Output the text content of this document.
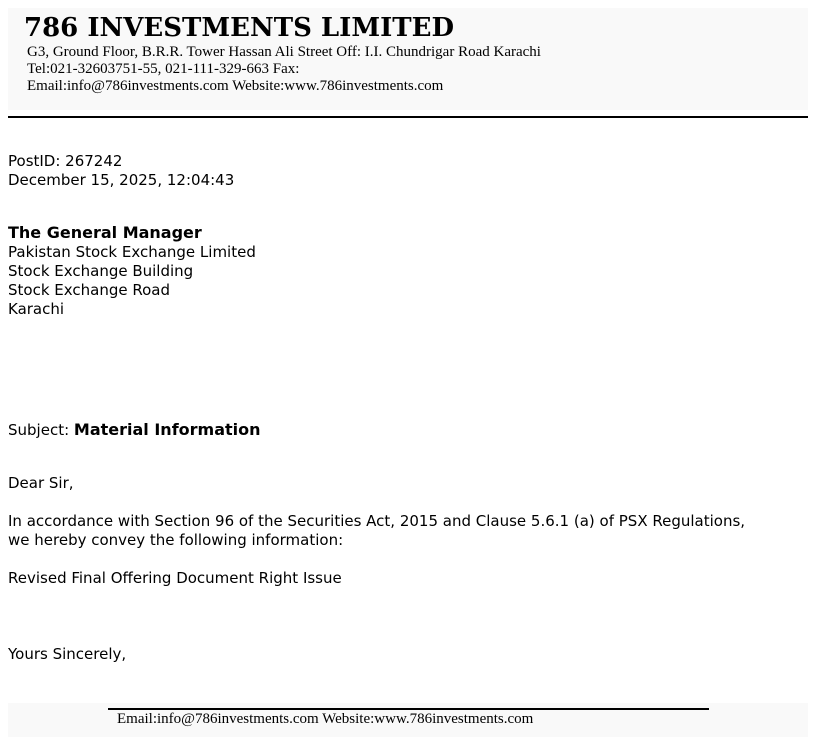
786 INVESTMENTS LIMITED

G3, Ground Floor, B.R.R. Tower Hassan Ali Street Off: I.I. Chundrigar Road Karachi

Tel:021-32603751-55, 021-111-329-663 Fax:

Email:info@786investments.com Website:www.786investments.com

PostID: 267242

December 15, 2025, 12:04:43

The General Manager

Pakistan Stock Exchange Limited

Stock Exchange Building

Stock Exchange Road

Karachi

Subject: Material Information

Dear Sir,

In accordance with Section 96 of the Securities Act, 2015 and Clause 5.6.1 (a) of PSX Regulations,

we hereby convey the following information:

Revised Final Offering Document Right Issue

Yours Sincerely,

Email:info@786investments.com Website:www.786investments.com
